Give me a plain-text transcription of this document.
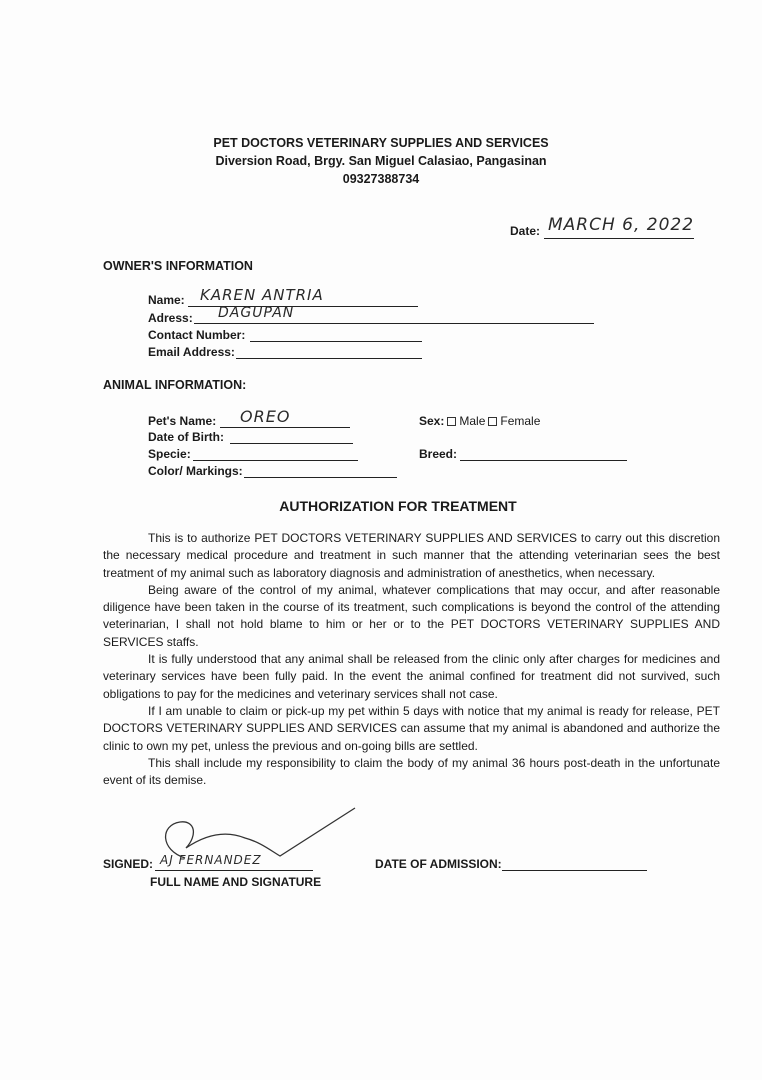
PET DOCTORS VETERINARY SUPPLIES AND SERVICES
Diversion Road, Brgy. San Miguel Calasiao, Pangasinan
09327388734
Date: MARCH 6, 2022
OWNER'S INFORMATION
Name: KAREN ANTRIA
Adress: DAGUPAN
Contact Number:
Email Address:
ANIMAL INFORMATION:
Pet's Name: OREO	Sex: Male Female
Date of Birth:
Specie:	Breed:
Color/ Markings:
AUTHORIZATION FOR TREATMENT

This is to authorize PET DOCTORS VETERINARY SUPPLIES AND SERVICES to carry out this discretion the necessary medical procedure and treatment in such manner that the attending veterinarian sees the best treatment of my animal such as laboratory diagnosis and administration of anesthetics, when necessary.

Being aware of the control of my animal, whatever complications that may occur, and after reasonable diligence have been taken in the course of its treatment, such complications is beyond the control of the attending veterinarian, I shall not hold blame to him or her or to the PET DOCTORS VETERINARY SUPPLIES AND SERVICES staffs.

It is fully understood that any animal shall be released from the clinic only after charges for medicines and veterinary services have been fully paid. In the event the animal confined for treatment did not survived, such obligations to pay for the medicines and veterinary services shall not case.

If I am unable to claim or pick-up my pet within 5 days with notice that my animal is ready for release, PET DOCTORS VETERINARY SUPPLIES AND SERVICES can assume that my animal is abandoned and authorize the clinic to own my pet, unless the previous and on-going bills are settled.

This shall include my responsibility to claim the body of my animal 36 hours post-death in the unfortunate event of its demise.

SIGNED: AJ FERNANDEZ
FULL NAME AND SIGNATURE
DATE OF ADMISSION:
